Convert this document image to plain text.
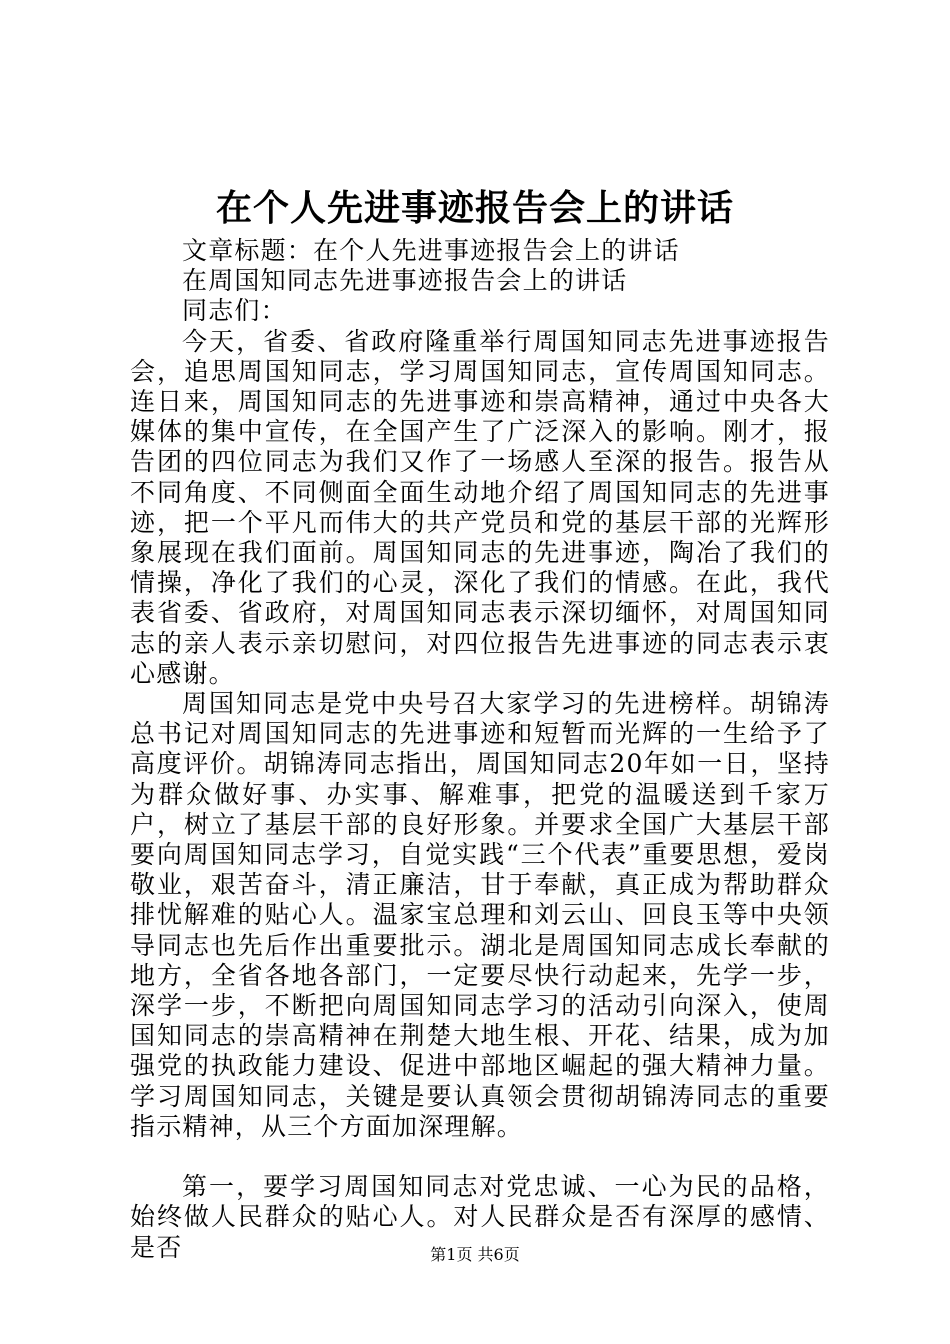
在个人先进事迹报告会上的讲话

文章标题：在个人先进事迹报告会上的讲话

在周国知同志先进事迹报告会上的讲话

同志们：

今天，省委、省政府隆重举行周国知同志先进事迹报告会，追思周国知同志，学习周国知同志，宣传周国知同志。连日来，周国知同志的先进事迹和崇高精神，通过中央各大媒体的集中宣传，在全国产生了广泛深入的影响。刚才，报告团的四位同志为我们又作了一场感人至深的报告。报告从不同角度、不同侧面全面生动地介绍了周国知同志的先进事迹，把一个平凡而伟大的共产党员和党的基层干部的光辉形象展现在我们面前。周国知同志的先进事迹，陶冶了我们的情操，净化了我们的心灵，深化了我们的情感。在此，我代表省委、省政府，对周国知同志表示深切缅怀，对周国知同志的亲人表示亲切慰问，对四位报告先进事迹的同志表示衷心感谢。

周国知同志是党中央号召大家学习的先进榜样。胡锦涛总书记对周国知同志的先进事迹和短暂而光辉的一生给予了高度评价。胡锦涛同志指出，周国知同志20年如一日，坚持为群众做好事、办实事、解难事，把党的温暖送到千家万户，树立了基层干部的良好形象。并要求全国广大基层干部要向周国知同志学习，自觉实践“三个代表”重要思想，爱岗敬业，艰苦奋斗，清正廉洁，甘于奉献，真正成为帮助群众排忧解难的贴心人。温家宝总理和刘云山、回良玉等中央领导同志也先后作出重要批示。湖北是周国知同志成长奉献的地方，全省各地各部门，一定要尽快行动起来，先学一步，深学一步，不断把向周国知同志学习的活动引向深入，使周国知同志的崇高精神在荆楚大地生根、开花、结果，成为加强党的执政能力建设、促进中部地区崛起的强大精神力量。学习周国知同志，关键是要认真领会贯彻胡锦涛同志的重要指示精神，从三个方面加深理解。

第一，要学习周国知同志对党忠诚、一心为民的品格，始终做人民群众的贴心人。对人民群众是否有深厚的感情、是否	第1页 共6页
